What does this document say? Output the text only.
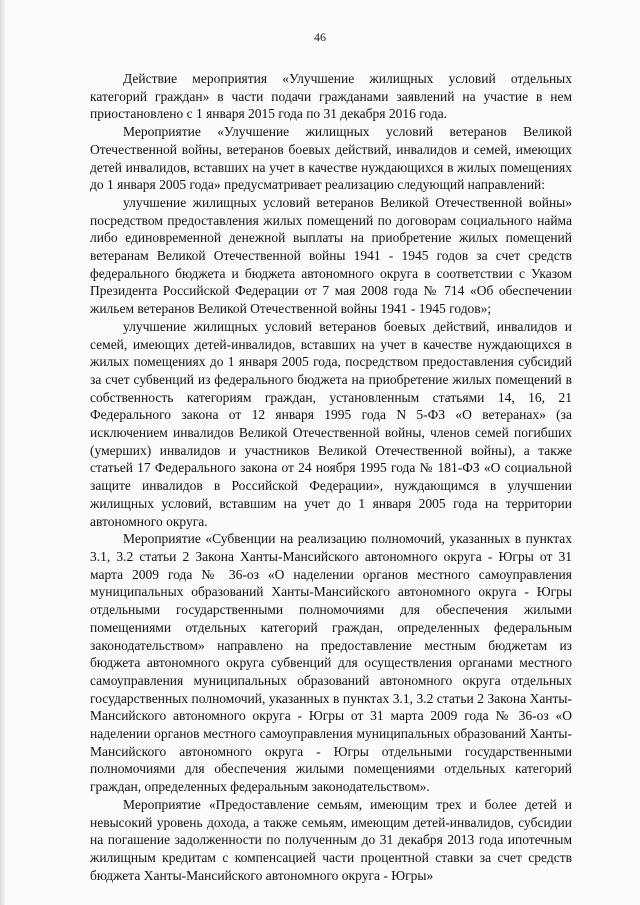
46

Действие мероприятия «Улучшение жилищных условий отдельных категорий граждан» в части подачи гражданами заявлений на участие в нем приостановлено с 1 января 2015 года по 31 декабря 2016 года.

Мероприятие «Улучшение жилищных условий ветеранов Великой Отечественной войны, ветеранов боевых действий, инвалидов и семей, имеющих детей инвалидов, вставших на учет в качестве нуждающихся в жилых помещениях до 1 января 2005 года» предусматривает реализацию следующий направлений:

улучшение жилищных условий ветеранов Великой Отечественной войны» посредством предоставления жилых помещений по договорам социального найма либо единовременной денежной выплаты на приобретение жилых помещений ветеранам Великой Отечественной войны 1941 - 1945 годов за счет средств федерального бюджета и бюджета автономного округа в соответствии с Указом Президента Российской Федерации от 7 мая 2008 года № 714 «Об обеспечении жильем ветеранов Великой Отечественной войны 1941 - 1945 годов»;

улучшение жилищных условий ветеранов боевых действий, инвалидов и семей, имеющих детей-инвалидов, вставших на учет в качестве нуждающихся в жилых помещениях до 1 января 2005 года, посредством предоставления субсидий за счет субвенций из федерального бюджета на приобретение жилых помещений в собственность категориям граждан, установленным статьями 14, 16, 21 Федерального закона от 12 января 1995 года N 5-ФЗ «О ветеранах» (за исключением инвалидов Великой Отечественной войны, членов семей погибших (умерших) инвалидов и участников Великой Отечественной войны), а также статьей 17 Федерального закона от 24 ноября 1995 года № 181-ФЗ «О социальной защите инвалидов в Российской Федерации», нуждающимся в улучшении жилищных условий, вставшим на учет до 1 января 2005 года на территории автономного округа.

Мероприятие «Субвенции на реализацию полномочий, указанных в пунктах 3.1, 3.2 статьи 2 Закона Ханты-Мансийского автономного округа - Югры от 31 марта 2009 года № 36-оз «О наделении органов местного самоуправления муниципальных образований Ханты-Мансийского автономного округа - Югры отдельными государственными полномочиями для обеспечения жилыми помещениями отдельных категорий граждан, определенных федеральным законодательством» направлено на предоставление местным бюджетам из бюджета автономного округа субвенций для осуществления органами местного самоуправления муниципальных образований автономного округа отдельных государственных полномочий, указанных в пунктах 3.1, 3.2 статьи 2 Закона Ханты-Мансийского автономного округа - Югры от 31 марта 2009 года № 36-оз «О наделении органов местного самоуправления муниципальных образований Ханты-Мансийского автономного округа - Югры отдельными государственными полномочиями для обеспечения жилыми помещениями отдельных категорий граждан, определенных федеральным законодательством».

Мероприятие «Предоставление семьям, имеющим трех и более детей и невысокий уровень дохода, а также семьям, имеющим детей-инвалидов, субсидии на погашение задолженности по полученным до 31 декабря 2013 года ипотечным жилищным кредитам с компенсацией части процентной ставки за счет средств бюджета Ханты-Мансийского автономного округа - Югры»
